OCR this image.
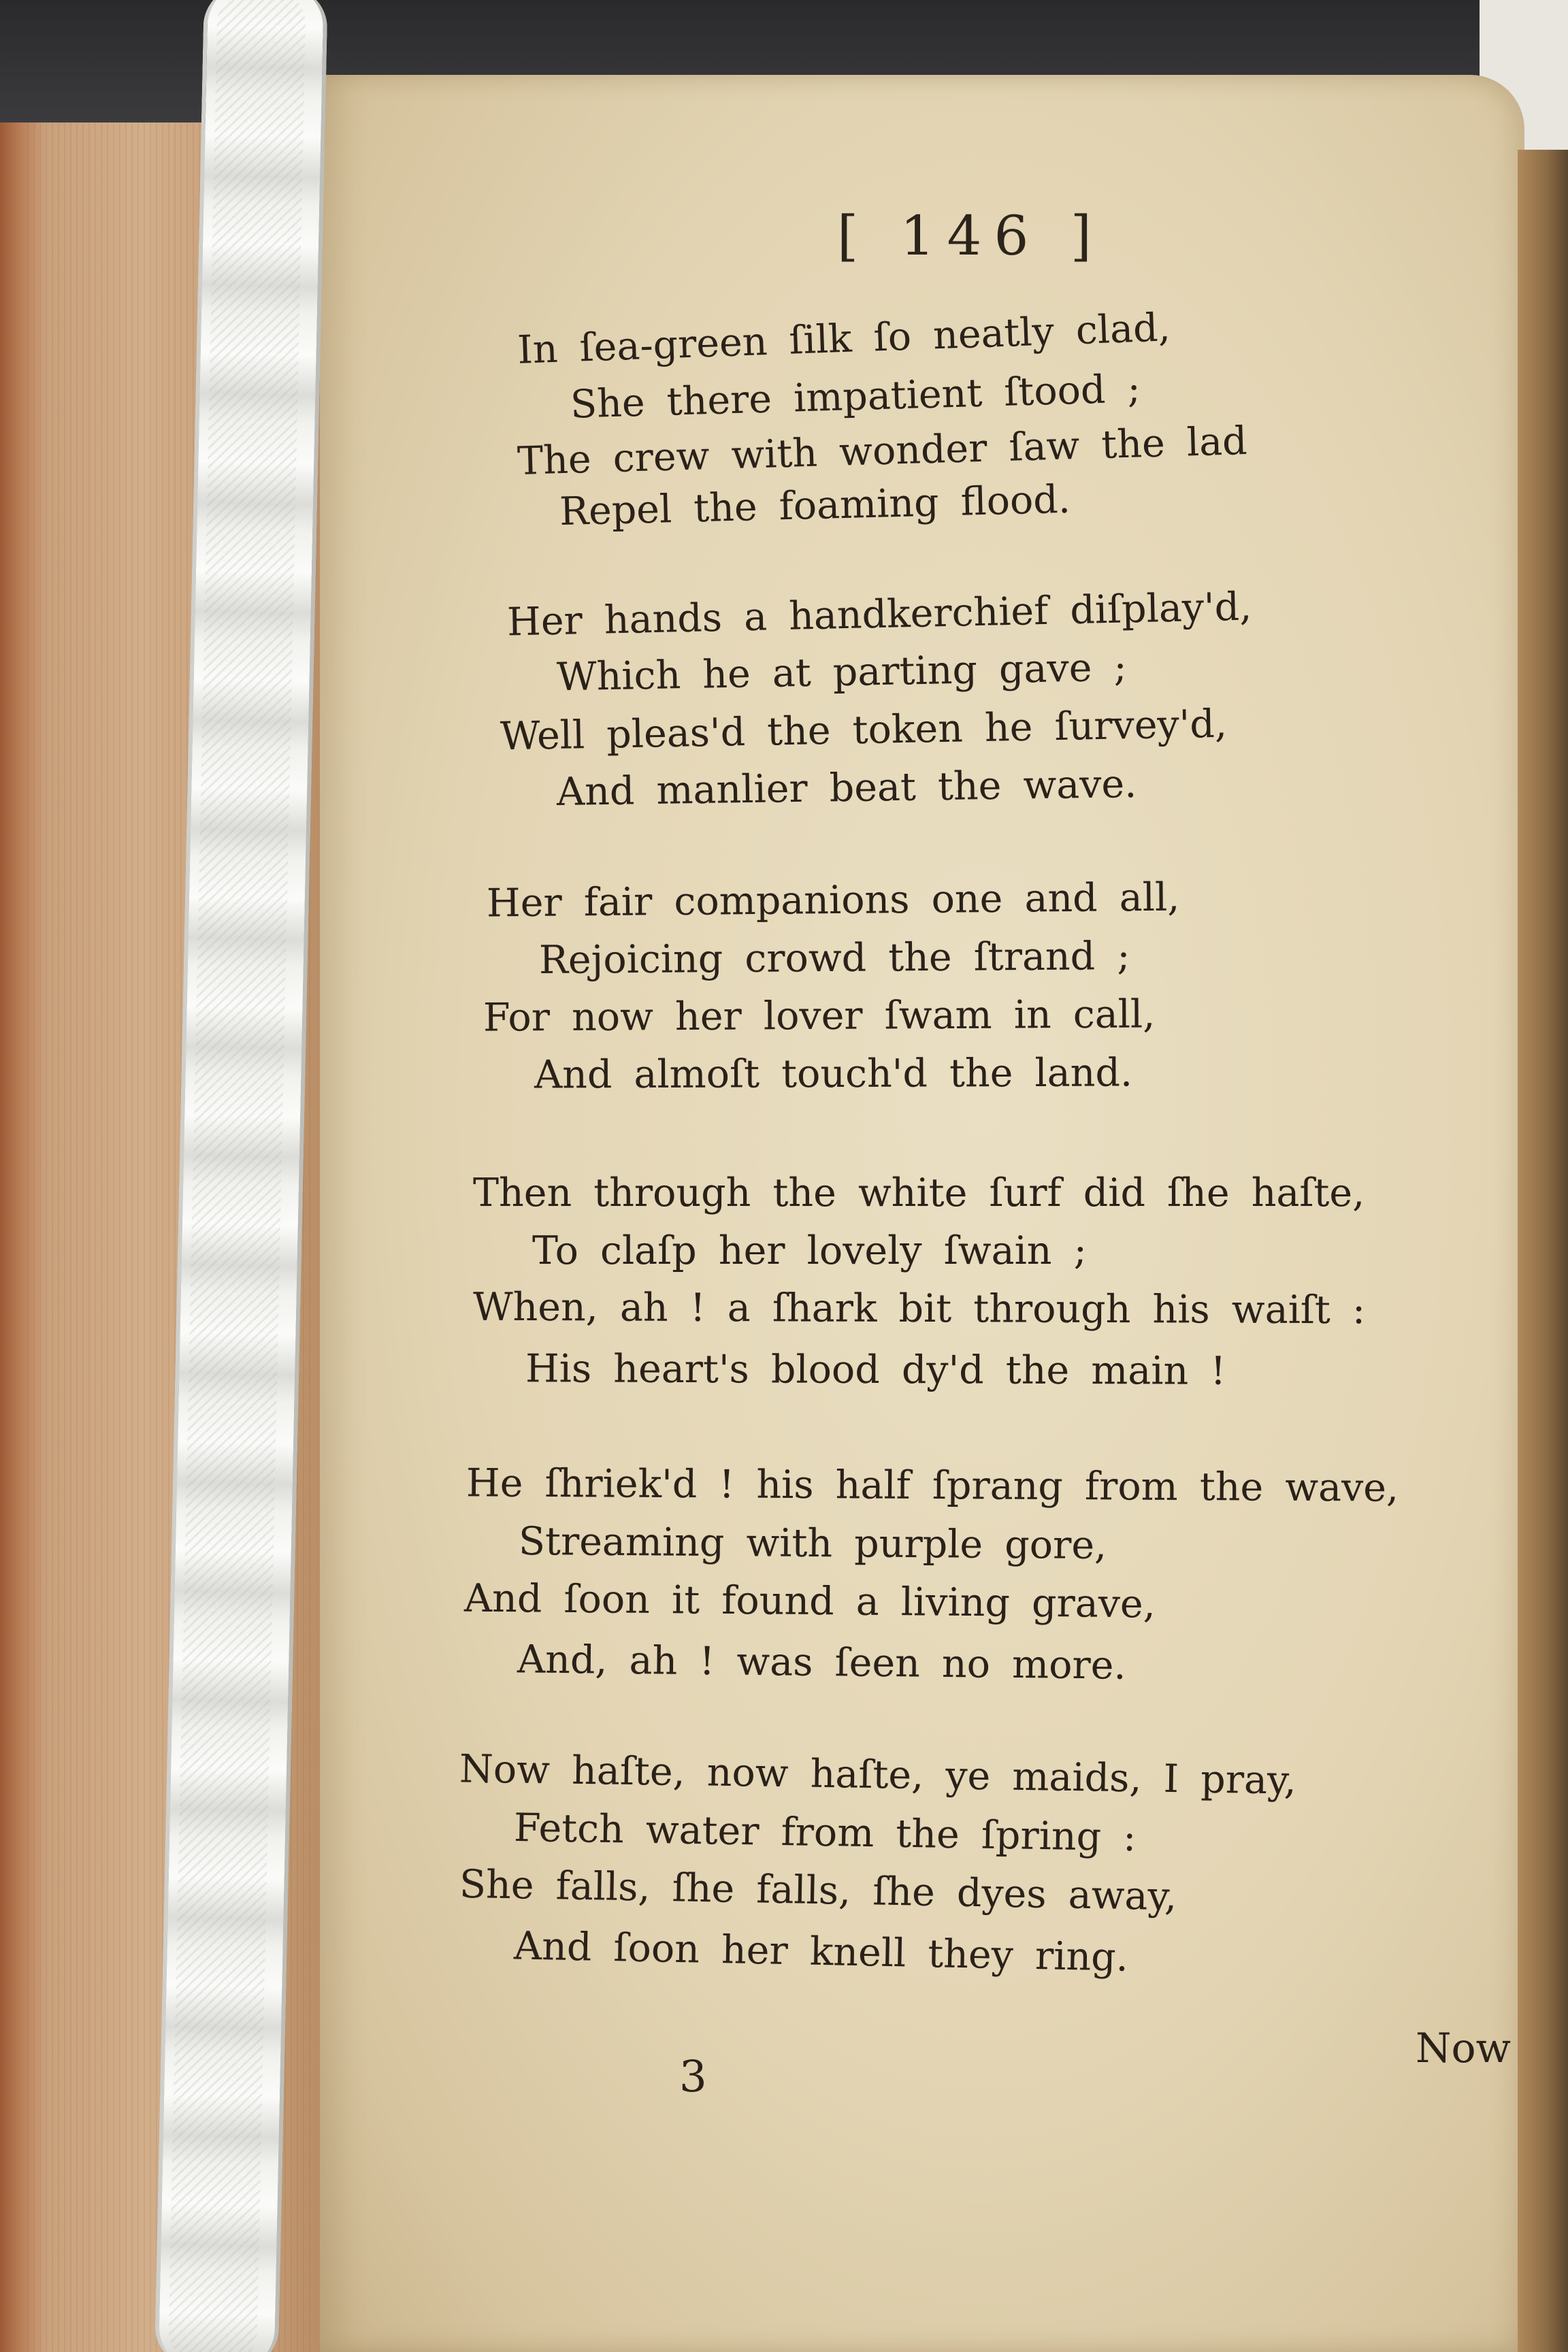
[ 146 ]
In ſea-green ſilk ſo neatly clad,
She there impatient ſtood ;
The crew with wonder ſaw the lad
Repel the foaming flood.
Her hands a handkerchief diſplay'd,
Which he at parting gave ;
Well pleas'd the token he ſurvey'd,
And manlier beat the wave.
Her fair companions one and all,
Rejoicing crowd the ſtrand ;
For now her lover ſwam in call,
And almoſt touch'd the land.
Then through the white ſurf did ſhe haſte,
To claſp her lovely ſwain ;
When, ah ! a ſhark bit through his waiſt :
His heart's blood dy'd the main !
He ſhriek'd ! his half ſprang from the wave,
Streaming with purple gore,
And ſoon it found a living grave,
And, ah ! was ſeen no more.
Now haſte, now haſte, ye maids, I pray,
Fetch water from the ſpring :
She falls, ſhe falls, ſhe dyes away,
And ſoon her knell they ring.
3
Now
